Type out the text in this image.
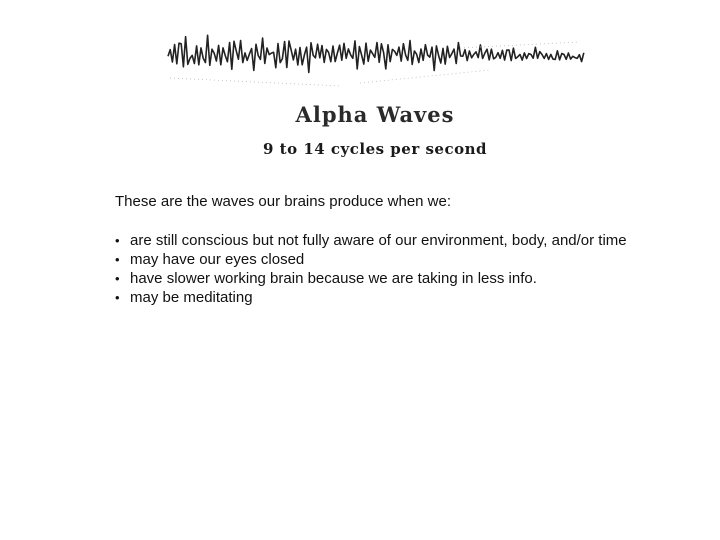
Alpha Waves
9 to 14 cycles per second

These are the waves our brains produce when we:

• are still conscious but not fully aware of our environment, body, and/or time
• may have our eyes closed
• have slower working brain because we are taking in less info.
• may be meditating
